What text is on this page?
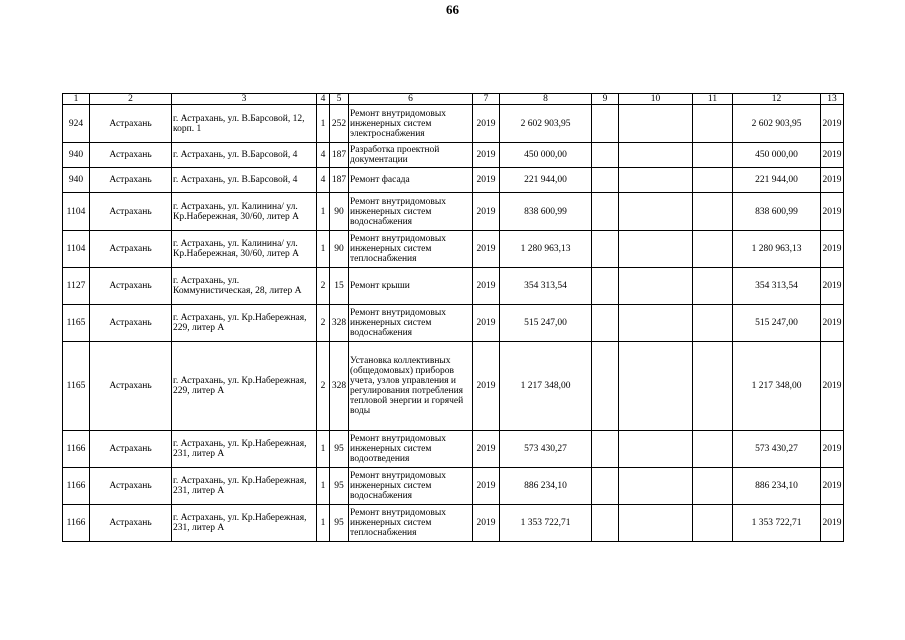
66
1	2	3	4	5	6	7	8	9	10	11	12	13
924	Астрахань	г. Астрахань, ул. В.Барсовой, 12, корп. 1	1	252	Ремонт внутридомовых инженерных систем электроснабжения	2019	2 602 903,95				2 602 903,95	2019
940	Астрахань	г. Астрахань, ул. В.Барсовой, 4	4	187	Разработка проектной документации	2019	450 000,00				450 000,00	2019
940	Астрахань	г. Астрахань, ул. В.Барсовой, 4	4	187	Ремонт фасада	2019	221 944,00				221 944,00	2019
1104	Астрахань	г. Астрахань, ул. Калинина/ ул. Кр.Набережная, 30/60, литер А	1	90	Ремонт внутридомовых инженерных систем водоснабжения	2019	838 600,99				838 600,99	2019
1104	Астрахань	г. Астрахань, ул. Калинина/ ул. Кр.Набережная, 30/60, литер А	1	90	Ремонт внутридомовых инженерных систем теплоснабжения	2019	1 280 963,13				1 280 963,13	2019
1127	Астрахань	г. Астрахань, ул. Коммунистическая, 28, литер А	2	15	Ремонт крыши	2019	354 313,54				354 313,54	2019
1165	Астрахань	г. Астрахань, ул. Кр.Набережная, 229, литер А	2	328	Ремонт внутридомовых инженерных систем водоснабжения	2019	515 247,00				515 247,00	2019
1165	Астрахань	г. Астрахань, ул. Кр.Набережная, 229, литер А	2	328	Установка коллективных (общедомовых) приборов учета, узлов управления и регулирования потребления тепловой энергии и горячей воды	2019	1 217 348,00				1 217 348,00	2019
1166	Астрахань	г. Астрахань, ул. Кр.Набережная, 231, литер А	1	95	Ремонт внутридомовых инженерных систем водоотведения	2019	573 430,27				573 430,27	2019
1166	Астрахань	г. Астрахань, ул. Кр.Набережная, 231, литер А	1	95	Ремонт внутридомовых инженерных систем водоснабжения	2019	886 234,10				886 234,10	2019
1166	Астрахань	г. Астрахань, ул. Кр.Набережная, 231, литер А	1	95	Ремонт внутридомовых инженерных систем теплоснабжения	2019	1 353 722,71				1 353 722,71	2019
